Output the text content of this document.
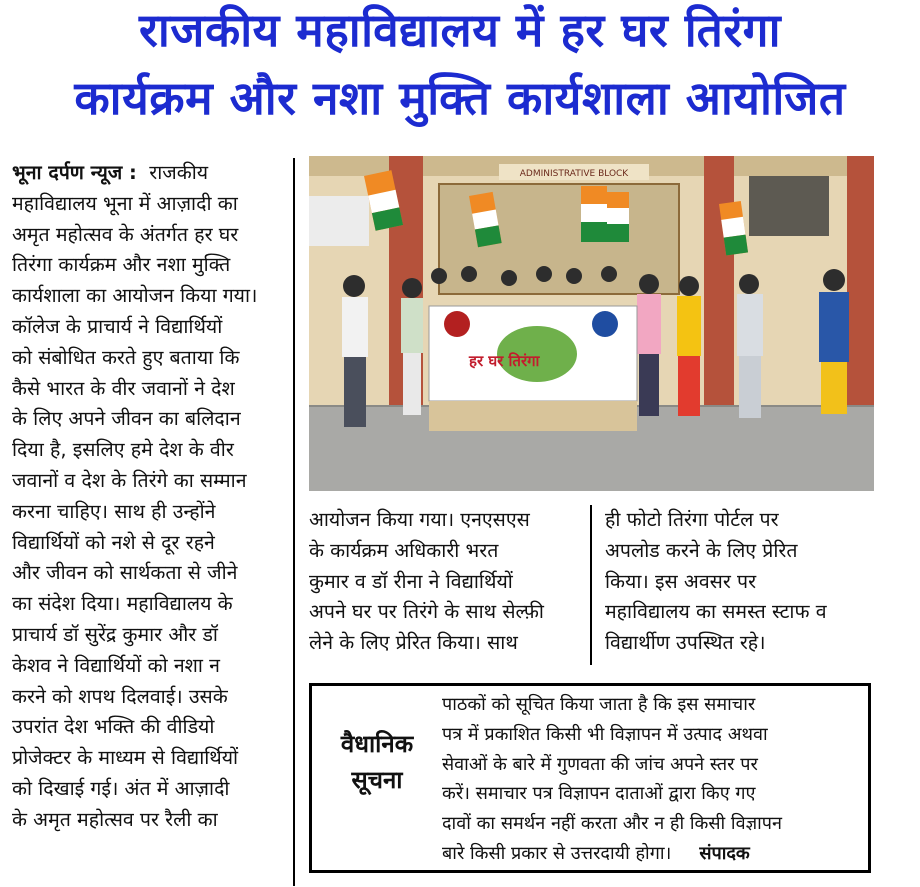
राजकीय महाविद्यालय में हर घर तिरंगा
कार्यक्रम और नशा मुक्ति कार्यशाला आयोजित
भूना दर्पण न्यूज : राजकीय
महाविद्यालय भूना में आज़ादी का
अमृत महोत्सव के अंतर्गत हर घर
तिरंगा कार्यक्रम और नशा मुक्ति
कार्यशाला का आयोजन किया गया।
कॉलेज के प्राचार्य ने विद्यार्थियों
को संबोधित करते हुए बताया कि
कैसे भारत के वीर जवानों ने देश
के लिए अपने जीवन का बलिदान
दिया है, इसलिए हमे देश के वीर
जवानों व देश के तिरंगे का सम्मान
करना चाहिए। साथ ही उन्होंने
विद्यार्थियों को नशे से दूर रहने
और जीवन को सार्थकता से जीने
का संदेश दिया। महाविद्यालय के
प्राचार्य डॉ सुरेंद्र कुमार और डॉ
केशव ने विद्यार्थियों को नशा न
करने को शपथ दिलवाई। उसके
उपरांत देश भक्ति की वीडियो
प्रोजेक्टर के माध्यम से विद्यार्थियों
को दिखाई गई। अंत में आज़ादी
के अमृत महोत्सव पर रैली का
ADMINISTRATIVE BLOCK
हर घर तिरंगा
आयोजन किया गया। एनएसएस
के कार्यक्रम अधिकारी भरत
कुमार व डॉ रीना ने विद्यार्थियों
अपने घर पर तिरंगे के साथ सेल्फ़ी
लेने के लिए प्रेरित किया। साथ
ही फोटो तिरंगा पोर्टल पर
अपलोड करने के लिए प्रेरित
किया। इस अवसर पर
महाविद्यालय का समस्त स्टाफ व
विद्यार्थीण उपस्थित रहे।
वैधानिक
सूचना
पाठकों को सूचित किया जाता है कि इस समाचार
पत्र में प्रकाशित किसी भी विज्ञापन में उत्पाद अथवा
सेवाओं के बारे में गुणवता की जांच अपने स्तर पर
करें। समाचार पत्र विज्ञापन दाताओं द्वारा किए गए
दावों का समर्थन नहीं करता और न ही किसी विज्ञापन
बारे किसी प्रकार से उत्तरदायी होगा। संपादक
